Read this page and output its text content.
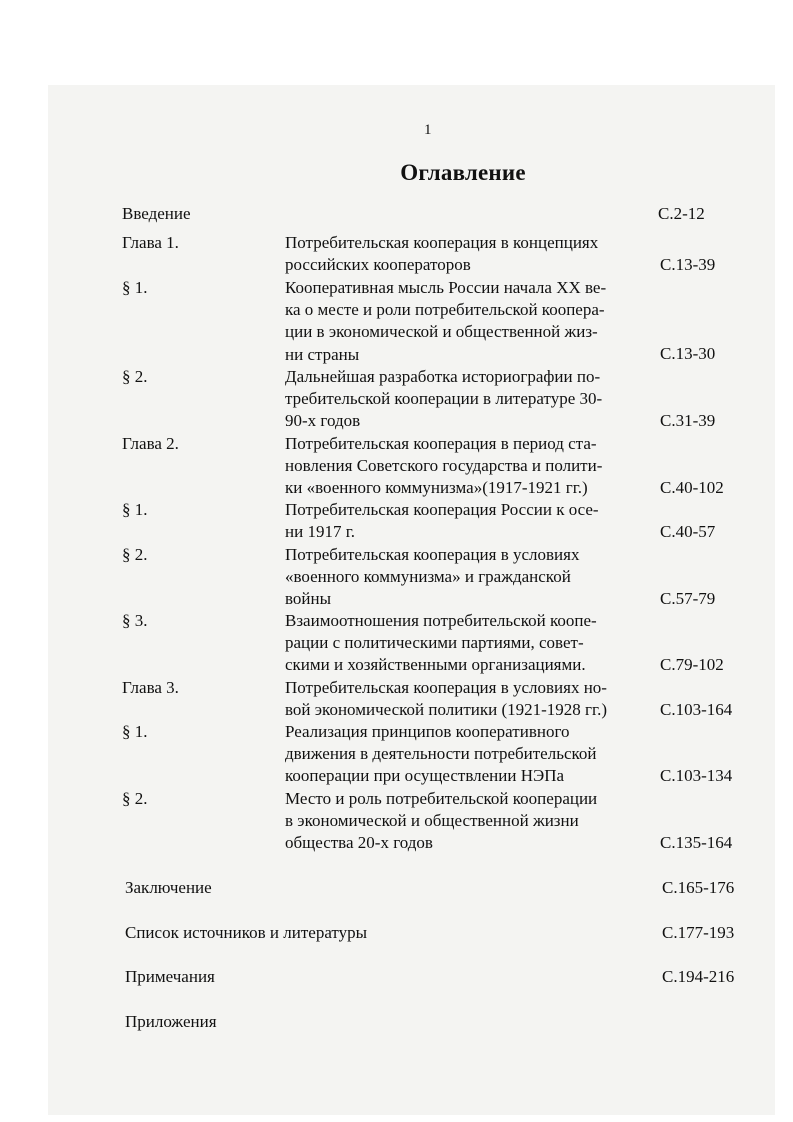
1
Оглавление
Введение	С.2-12
Глава 1.	Потребительская кооперация в концепциях
российских кооператоров	С.13-39
§ 1.	Кооперативная мысль России начала XX ве-
ка о месте и роли потребительской коопера-
ции в экономической и общественной жиз-
ни страны	С.13-30
§ 2.	Дальнейшая разработка историографии по-
требительской кооперации в литературе 30-
90-х годов	С.31-39
Глава 2.	Потребительская кооперация в период ста-
новления Советского государства и полити-
ки «военного коммунизма»(1917-1921 гг.)	С.40-102
§ 1.	Потребительская кооперация России к осе-
ни 1917 г.	С.40-57
§ 2.	Потребительская кооперация в условиях
«военного коммунизма» и гражданской
войны	С.57-79
§ 3.	Взаимоотношения потребительской коопе-
рации с политическими партиями, совет-
скими и хозяйственными организациями.	С.79-102
Глава 3.	Потребительская кооперация в условиях но-
вой экономической политики (1921-1928 гг.)	С.103-164
§ 1.	Реализация принципов кооперативного
движения в деятельности потребительской
кооперации при осуществлении НЭПа	С.103-134
§ 2.	Место и роль потребительской кооперации
в экономической и общественной жизни
общества 20-х годов	С.135-164
Заключение	С.165-176
Список источников и литературы	С.177-193
Примечания	С.194-216
Приложения
